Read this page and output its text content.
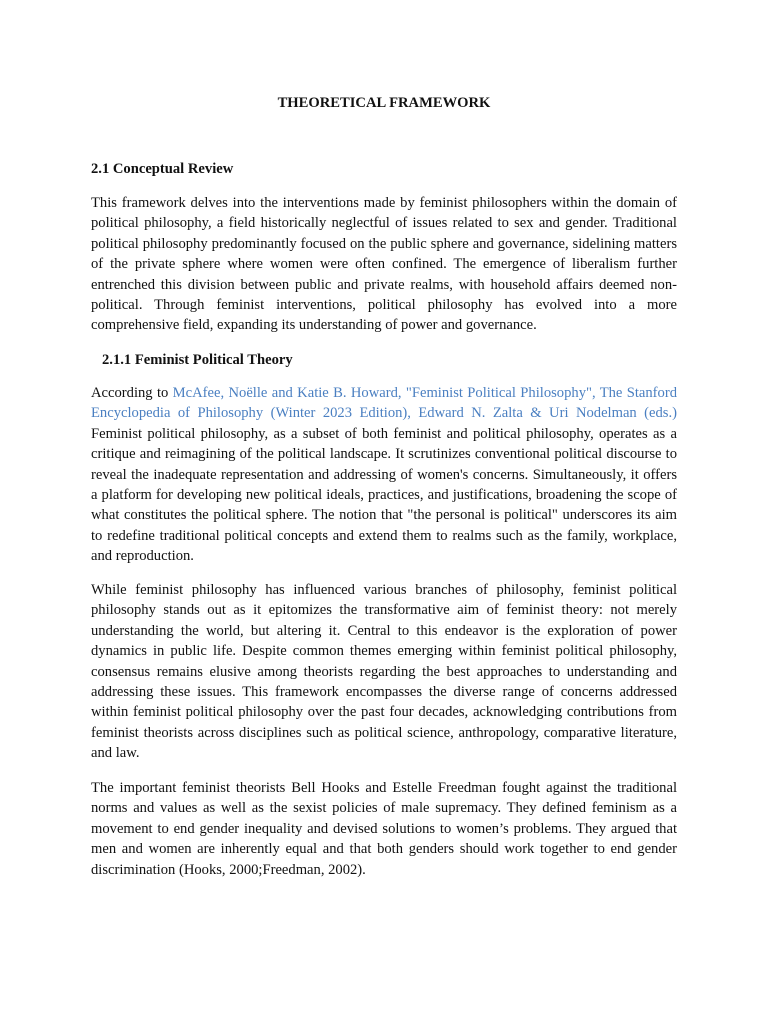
THEORETICAL FRAMEWORK
2.1 Conceptual Review

This framework delves into the interventions made by feminist philosophers within the domain of political philosophy, a field historically neglectful of issues related to sex and gender. Traditional political philosophy predominantly focused on the public sphere and governance, sidelining matters of the private sphere where women were often confined. The emergence of liberalism further entrenched this division between public and private realms, with household affairs deemed non-political. Through feminist interventions, political philosophy has evolved into a more comprehensive field, expanding its understanding of power and governance.

2.1.1 Feminist Political Theory

According to McAfee, Noëlle and Katie B. Howard, "Feminist Political Philosophy", The Stanford Encyclopedia of Philosophy (Winter 2023 Edition), Edward N. Zalta & Uri Nodelman (eds.) Feminist political philosophy, as a subset of both feminist and political philosophy, operates as a critique and reimagining of the political landscape. It scrutinizes conventional political discourse to reveal the inadequate representation and addressing of women's concerns. Simultaneously, it offers a platform for developing new political ideals, practices, and justifications, broadening the scope of what constitutes the political sphere. The notion that "the personal is political" underscores its aim to redefine traditional political concepts and extend them to realms such as the family, workplace, and reproduction.

While feminist philosophy has influenced various branches of philosophy, feminist political philosophy stands out as it epitomizes the transformative aim of feminist theory: not merely understanding the world, but altering it. Central to this endeavor is the exploration of power dynamics in public life. Despite common themes emerging within feminist political philosophy, consensus remains elusive among theorists regarding the best approaches to understanding and addressing these issues. This framework encompasses the diverse range of concerns addressed within feminist political philosophy over the past four decades, acknowledging contributions from feminist theorists across disciplines such as political science, anthropology, comparative literature, and law.

The important feminist theorists Bell Hooks and Estelle Freedman fought against the traditional norms and values as well as the sexist policies of male supremacy. They defined feminism as a movement to end gender inequality and devised solutions to women’s problems. They argued that men and women are inherently equal and that both genders should work together to end gender discrimination (Hooks, 2000;Freedman, 2002).
